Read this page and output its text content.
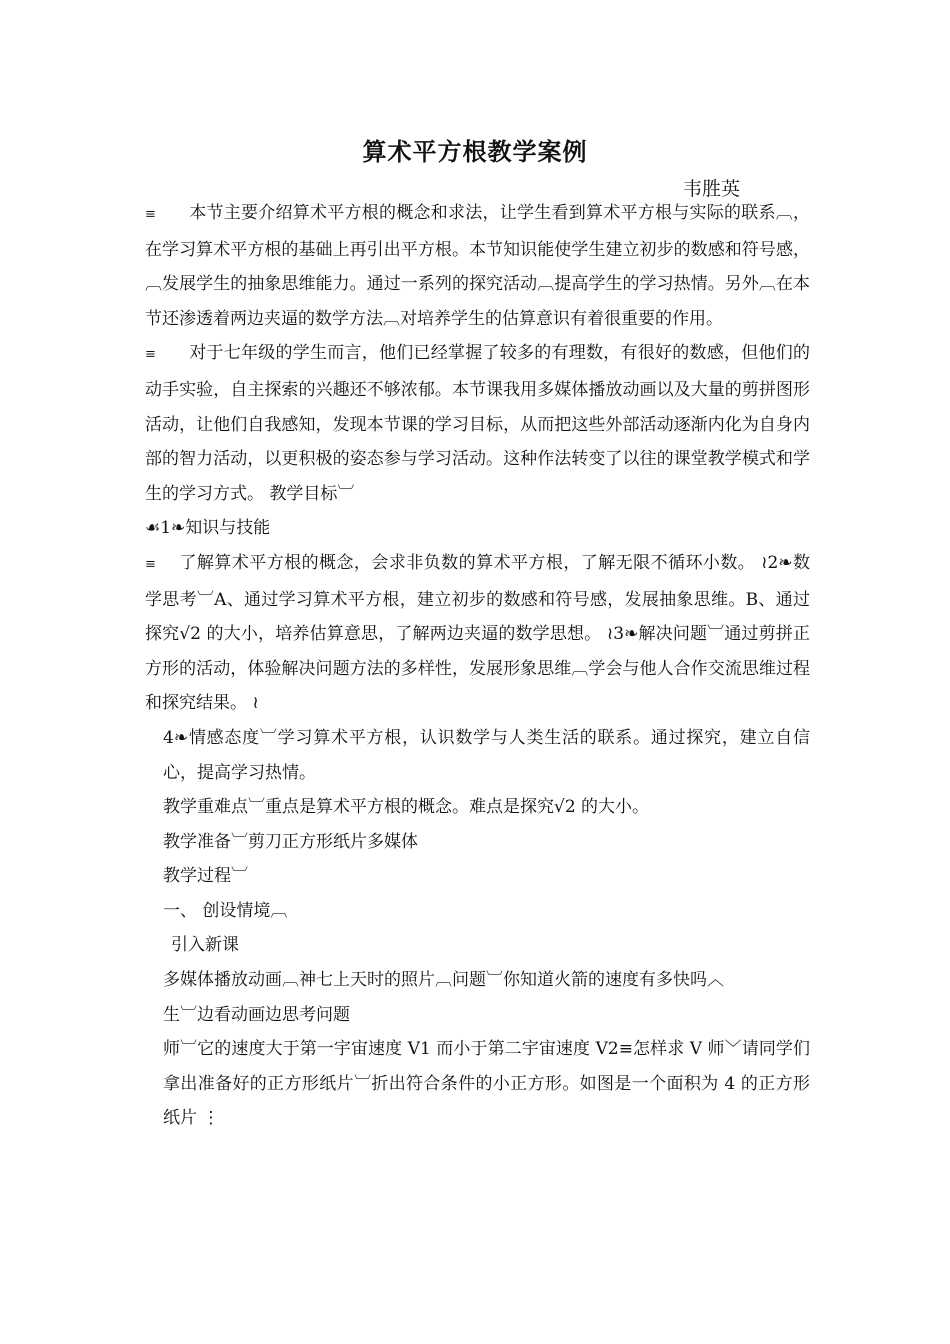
算术平方根教学案例
韦胜英

≡ 本节主要介绍算术平方根的概念和求法，让学生看到算术平方根与实际的联系︹，在学习算术平方根的基础上再引出平方根。本节知识能使学生建立初步的数感和符号感，︹发展学生的抽象思维能力。通过一系列的探究活动︹提高学生的学习热情。另外︹在本节还渗透着两边夹逼的数学方法︹对培养学生的估算意识有着很重要的作用。

≡ 对于七年级的学生而言，他们已经掌握了较多的有理数，有很好的数感，但他们的动手实验，自主探索的兴趣还不够浓郁。本节课我用多媒体播放动画以及大量的剪拼图形活动，让他们自我感知，发现本节课的学习目标，从而把这些外部活动逐渐内化为自身内部的智力活动，以更积极的姿态参与学习活动。这种作法转变了以往的课堂教学模式和学生的学习方式。 教学目标︺

☙1❧知识与技能

≡ 了解算术平方根的概念，会求非负数的算术平方根，了解无限不循环小数。 ≀2❧数学思考︺A、通过学习算术平方根，建立初步的数感和符号感，发展抽象思维。B、通过探究√2 的大小，培养估算意思，了解两边夹逼的数学思想。 ≀3❧解决问题︺通过剪拼正方形的活动，体验解决问题方法的多样性，发展形象思维︹学会与他人合作交流思维过程和探究结果。 ≀

4❧情感态度︺学习算术平方根，认识数学与人类生活的联系。通过探究，建立自信心，提高学习热情。

教学重难点︺重点是算术平方根的概念。难点是探究√2 的大小。

教学准备︺剪刀正方形纸片多媒体

教学过程︺

一、 创设情境︹

引入新课

多媒体播放动画︹神七上天时的照片︹问题︺你知道火箭的速度有多快吗︿

生︺边看动画边思考问题

师︺它的速度大于第一宇宙速度 V1 而小于第二宇宙速度 V2≡怎样求 V 师﹀请同学们拿出准备好的正方形纸片︺折出符合条件的小正方形。如图是一个面积为 4 的正方形纸片 ⋮
